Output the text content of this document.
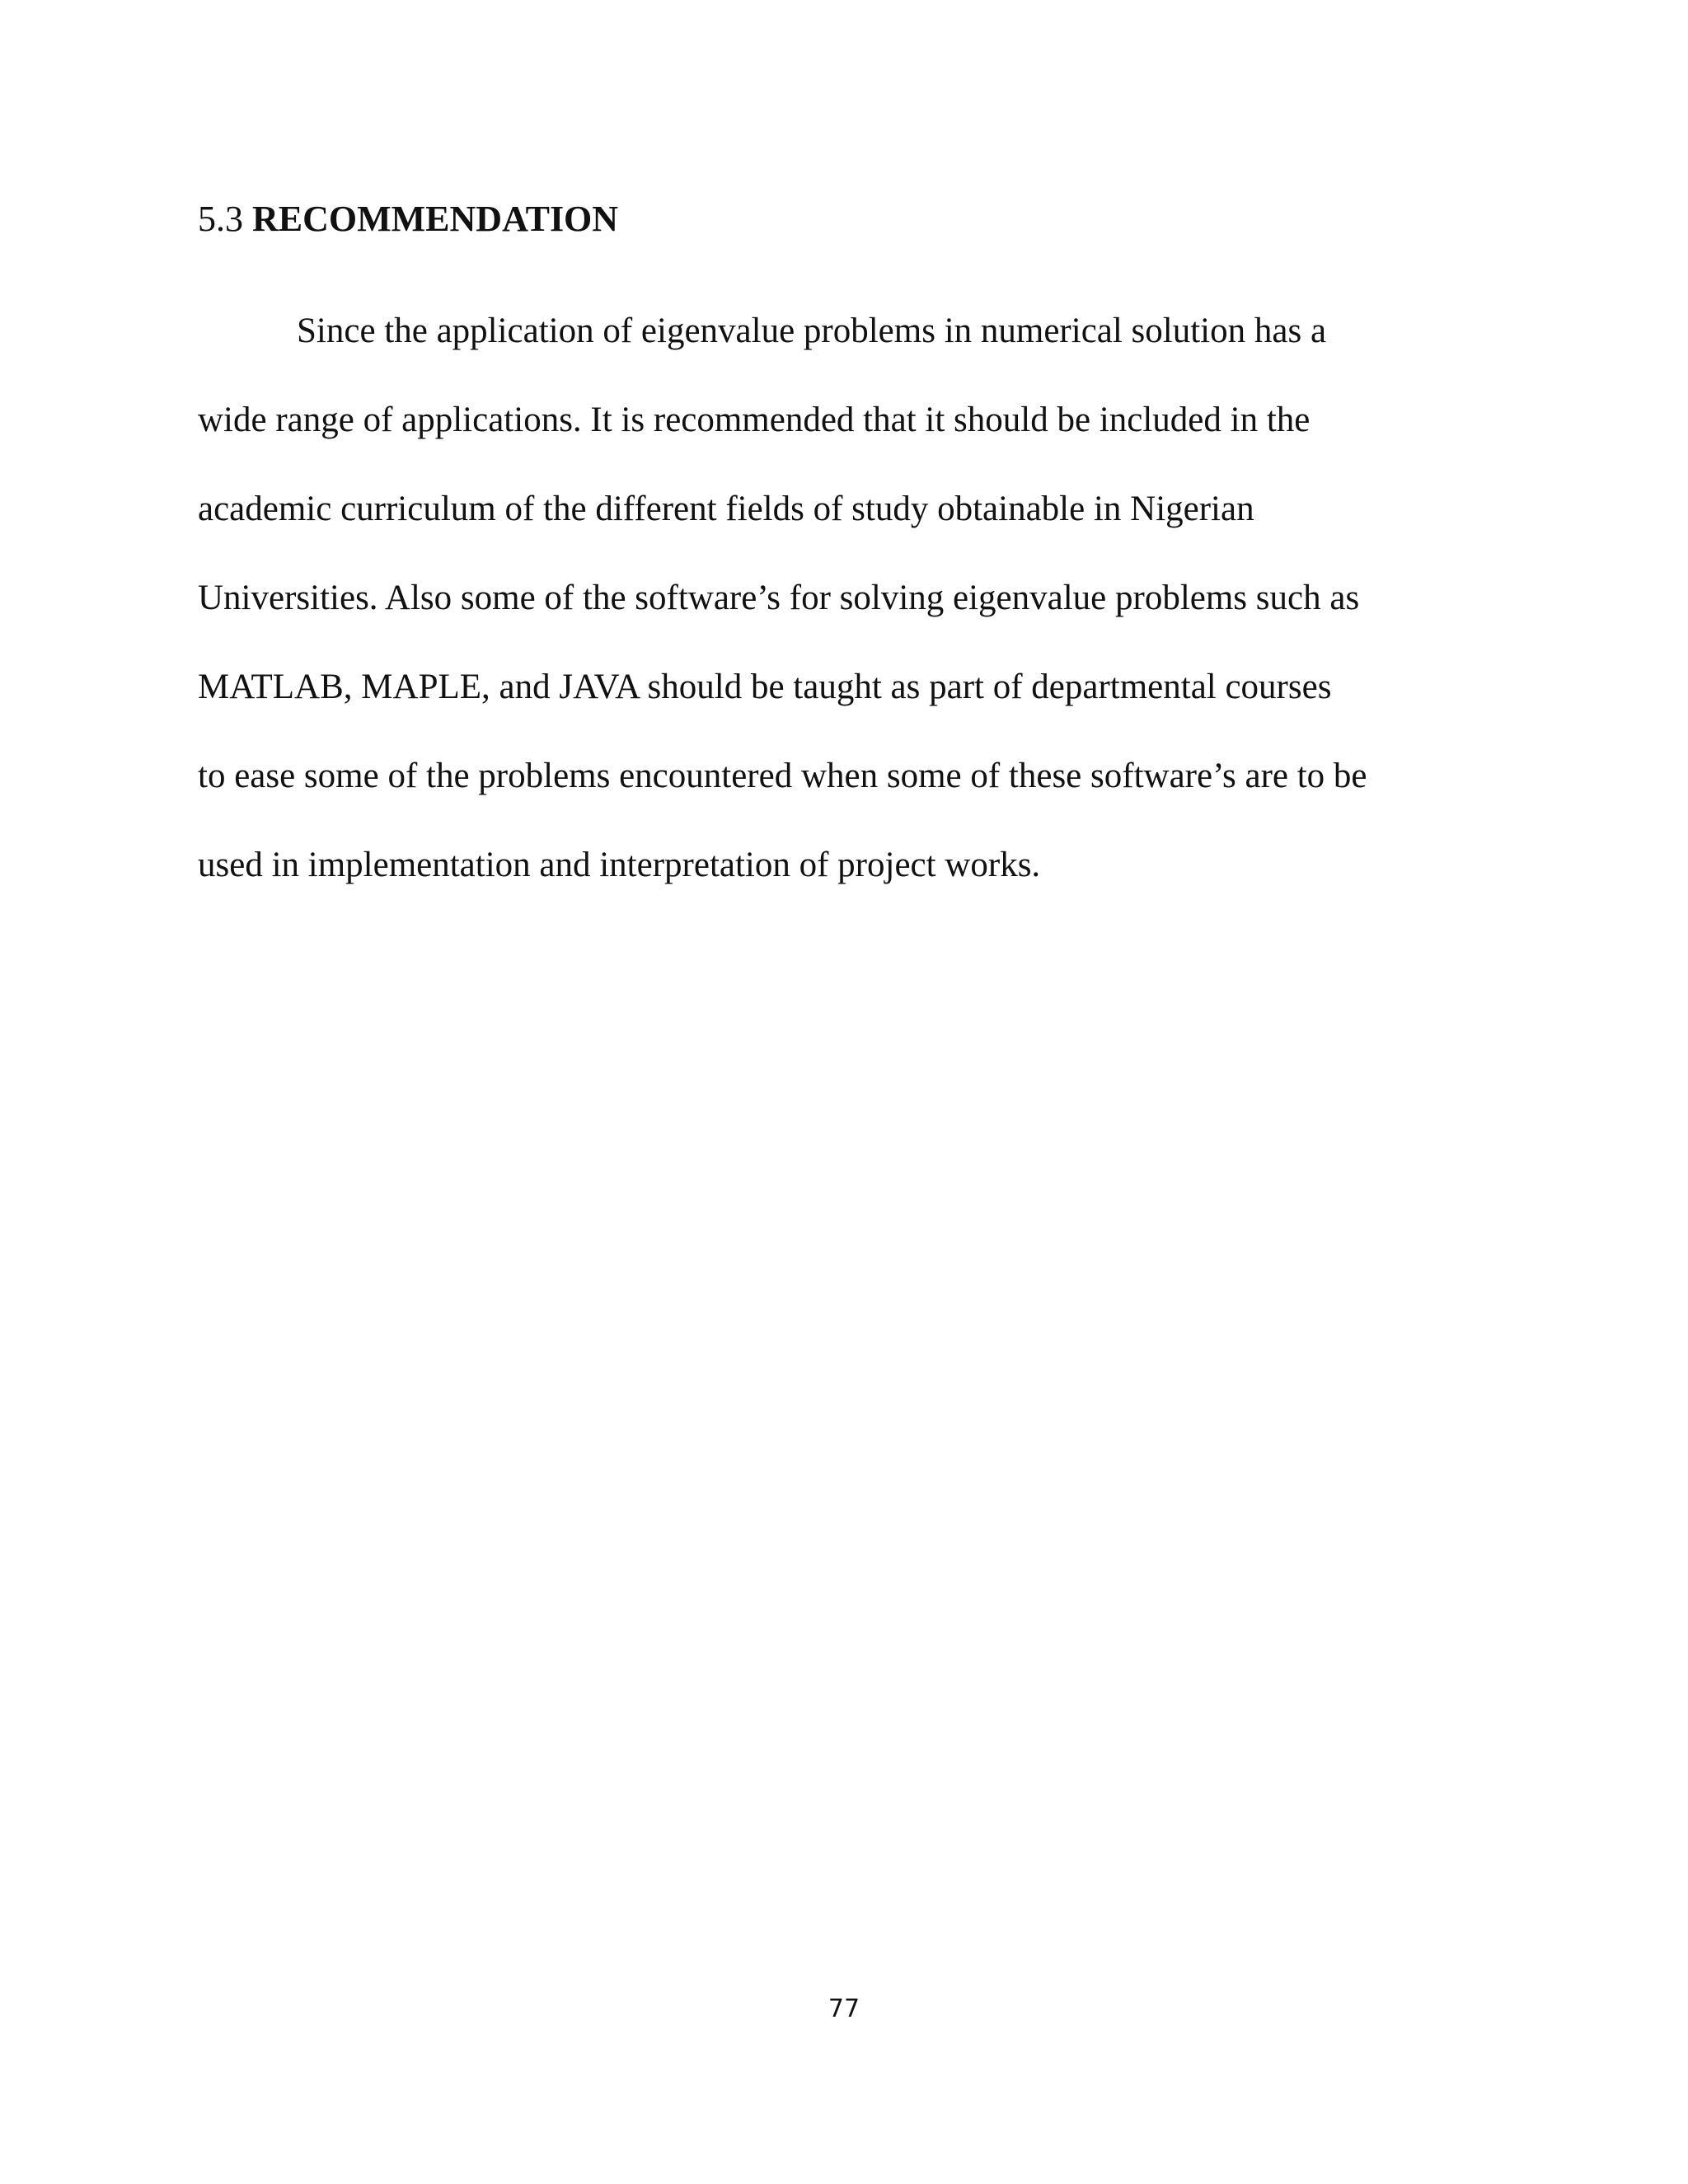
5.3 RECOMMENDATION
Since the application of eigenvalue problems in numerical solution has a
wide range of applications. It is recommended that it should be included in the
academic curriculum of the different fields of study obtainable in Nigerian
Universities. Also some of the software’s for solving eigenvalue problems such as
MATLAB, MAPLE, and JAVA should be taught as part of departmental courses
to ease some of the problems encountered when some of these software’s are to be
used in implementation and interpretation of project works.
77
